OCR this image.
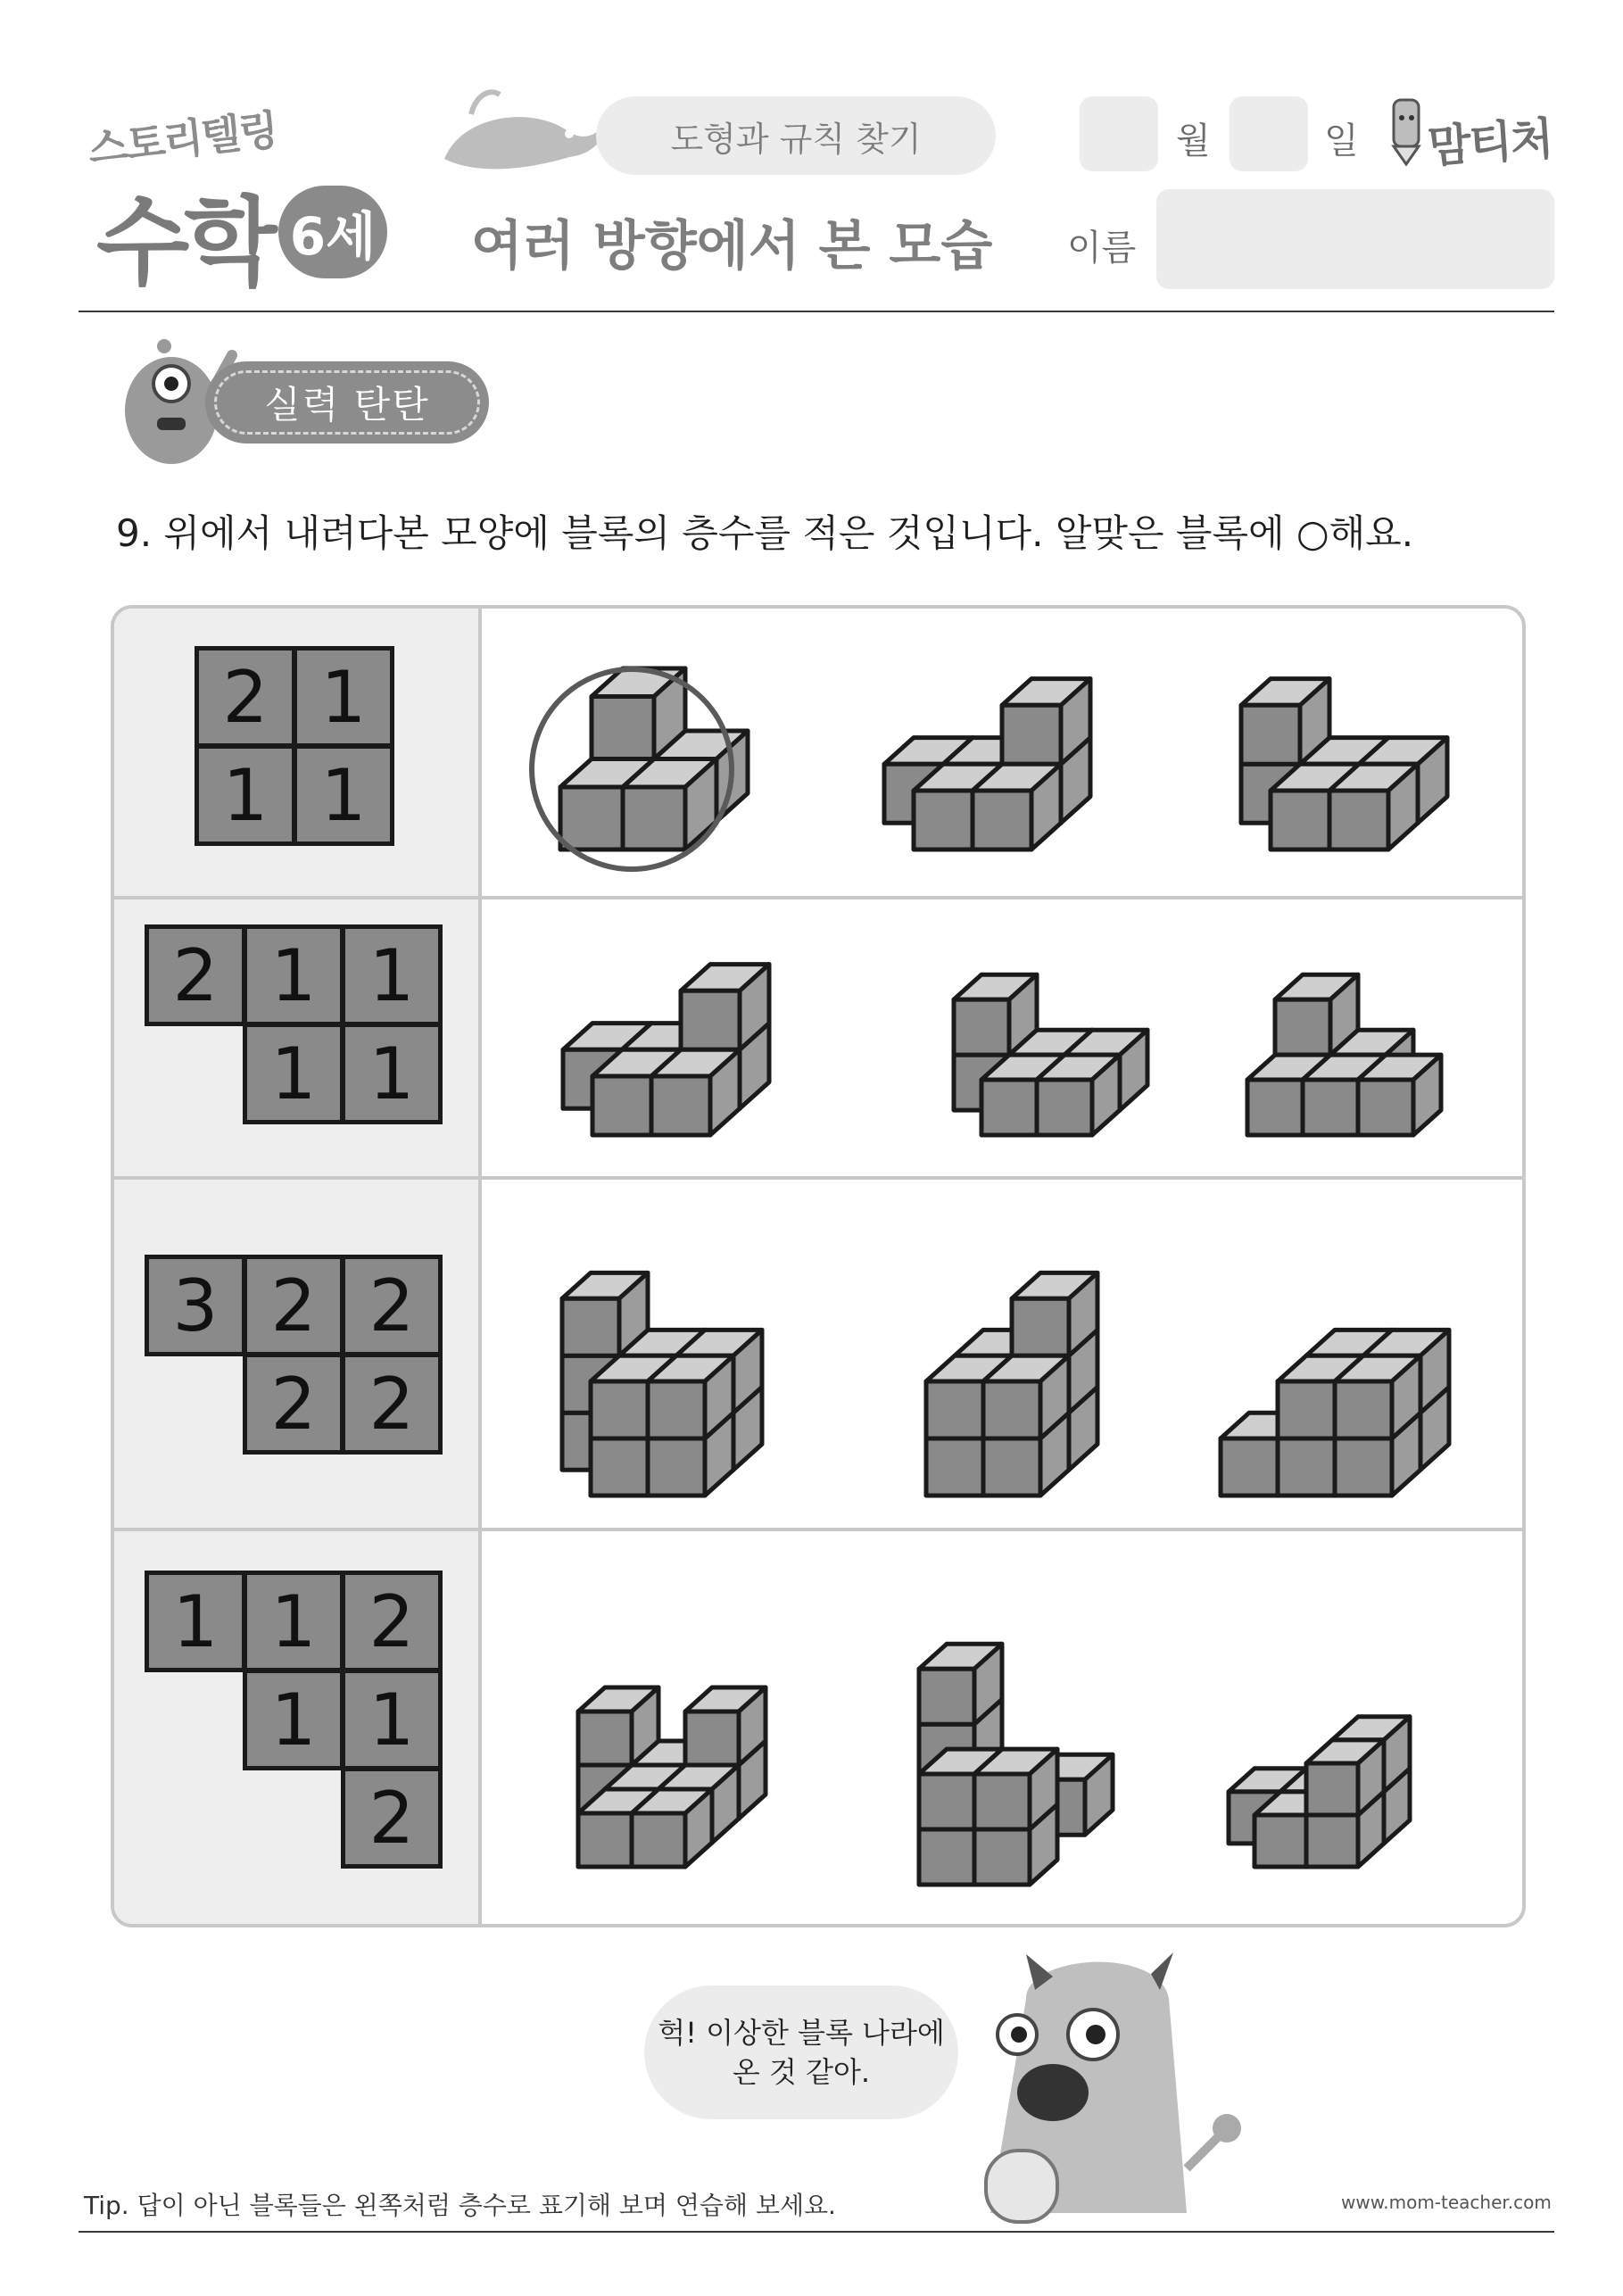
스토리텔링
수학 6세
도형과 규칙 찾기
여러 방향에서 본 모습
월	일 맘티처
이름
실력 탄탄
9. 위에서 내려다본 모양에 블록의 층수를 적은 것입니다. 알맞은 블록에 ○해요.
2 1
1 1
2 1 1
1 1
3 2 2
2 2
1 1 2
1 1
2
헉! 이상한 블록 나라에
온 것 같아.
Tip. 답이 아닌 블록들은 왼쪽처럼 층수로 표기해 보며 연습해 보세요.	www.mom-teacher.com
